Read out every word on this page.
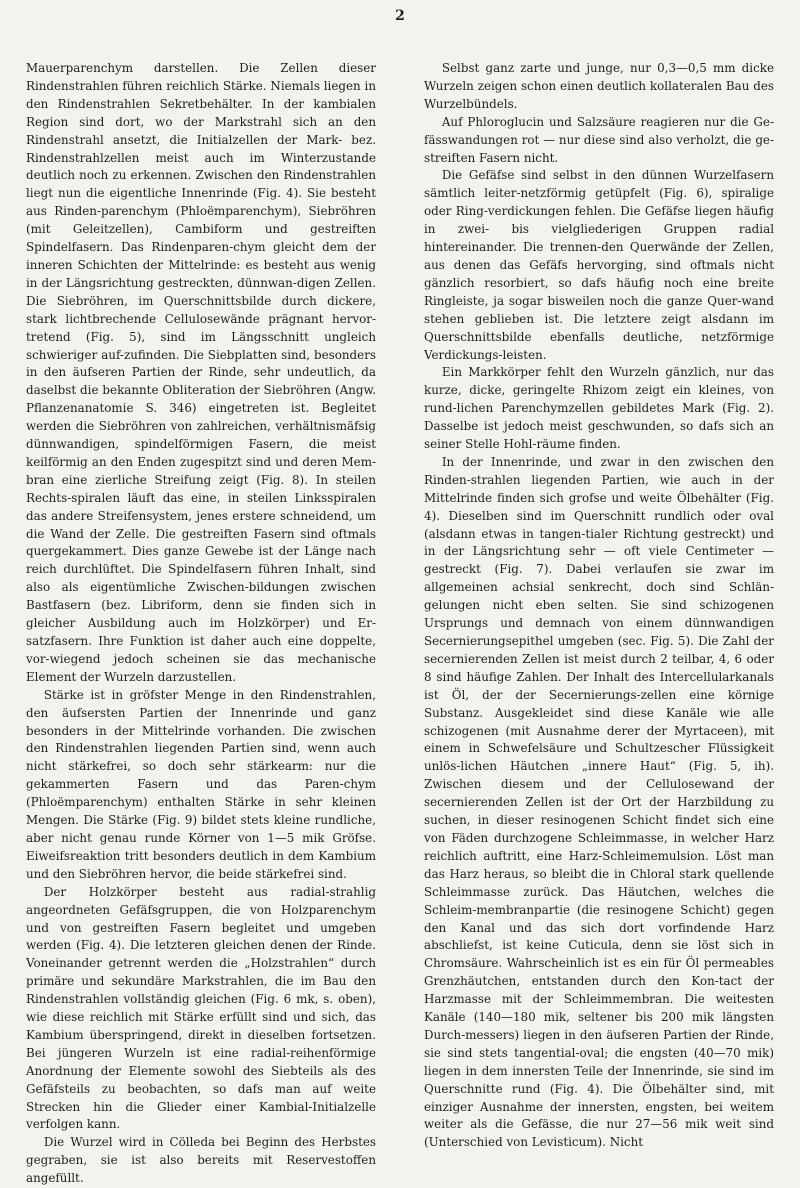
2

Mauerparenchym darstellen. Die Zellen dieser Rindenstrahlen führen reichlich Stärke. Niemals liegen in den Rindenstrahlen Sekretbehälter. In der kambialen Region sind dort, wo der Markstrahl sich an den Rindenstrahl ansetzt, die Initialzellen der Mark- bez. Rindenstrahlzellen meist auch im Winterzustande deutlich noch zu erkennen. Zwischen den Rindenstrahlen liegt nun die eigentliche Innenrinde (Fig. 4). Sie besteht aus Rinden-parenchym (Phloëmparenchym), Siebröhren (mit Geleitzellen), Cambiform und gestreiften Spindelfasern. Das Rindenparen-chym gleicht dem der inneren Schichten der Mittelrinde: es besteht aus wenig in der Längsrichtung gestreckten, dünnwan-digen Zellen. Die Siebröhren, im Querschnittsbilde durch dickere, stark lichtbrechende Cellulosewände prägnant hervor-tretend (Fig. 5), sind im Längsschnitt ungleich schwieriger auf-zufinden. Die Siebplatten sind, besonders in den äufseren Partien der Rinde, sehr undeutlich, da daselbst die bekannte Obliteration der Siebröhren (Angw. Pflanzenanatomie S. 346) eingetreten ist. Begleitet werden die Siebröhren von zahlreichen, verhältnismäfsig dünnwandigen, spindelförmigen Fasern, die meist keilförmig an den Enden zugespitzt sind und deren Mem-bran eine zierliche Streifung zeigt (Fig. 8). In steilen Rechts-spiralen läuft das eine, in steilen Linksspiralen das andere Streifensystem, jenes erstere schneidend, um die Wand der Zelle. Die gestreiften Fasern sind oftmals quergekammert. Dies ganze Gewebe ist der Länge nach reich durchlüftet. Die Spindelfasern führen Inhalt, sind also als eigentümliche Zwischen-bildungen zwischen Bastfasern (bez. Libriform, denn sie finden sich in gleicher Ausbildung auch im Holzkörper) und Er-satzfasern. Ihre Funktion ist daher auch eine doppelte, vor-wiegend jedoch scheinen sie das mechanische Element der Wurzeln darzustellen.

Stärke ist in gröfster Menge in den Rindenstrahlen, den äufsersten Partien der Innenrinde und ganz besonders in der Mittelrinde vorhanden. Die zwischen den Rindenstrahlen liegenden Partien sind, wenn auch nicht stärkefrei, so doch sehr stärkearm: nur die gekammerten Fasern und das Paren-chym (Phloëmparenchym) enthalten Stärke in sehr kleinen Mengen. Die Stärke (Fig. 9) bildet stets kleine rundliche, aber nicht genau runde Körner von 1—5 mik Gröfse. Eiweifsreaktion tritt besonders deutlich in dem Kambium und den Siebröhren hervor, die beide stärkefrei sind.

Der Holzkörper besteht aus radial-strahlig angeordneten Gefäfsgruppen, die von Holzparenchym und von gestreiften Fasern begleitet und umgeben werden (Fig. 4). Die letzteren gleichen denen der Rinde. Voneinander getrennt werden die „Holzstrahlen“ durch primäre und sekundäre Markstrahlen, die im Bau den Rindenstrahlen vollständig gleichen (Fig. 6 mk, s. oben), wie diese reichlich mit Stärke erfüllt sind und sich, das Kambium überspringend, direkt in dieselben fortsetzen. Bei jüngeren Wurzeln ist eine radial-reihenförmige Anordnung der Elemente sowohl des Siebteils als des Gefäfsteils zu beobachten, so dafs man auf weite Strecken hin die Glieder einer Kambial-Initialzelle verfolgen kann.

Die Wurzel wird in Cölleda bei Beginn des Herbstes gegraben, sie ist also bereits mit Reservestoffen angefüllt.

Selbst ganz zarte und junge, nur 0,3—0,5 mm dicke Wurzeln zeigen schon einen deutlich kollateralen Bau des Wurzelbündels.

Auf Phloroglucin und Salzsäure reagieren nur die Ge-fässwandungen rot — nur diese sind also verholzt, die ge-streiften Fasern nicht.

Die Gefäfse sind selbst in den dünnen Wurzelfasern sämtlich leiter-netzförmig getüpfelt (Fig. 6), spiralige oder Ring-verdickungen fehlen. Die Gefäfse liegen häufig in zwei- bis vielgliederigen Gruppen radial hintereinander. Die trennen-den Querwände der Zellen, aus denen das Gefäfs hervorging, sind oftmals nicht gänzlich resorbiert, so dafs häufig noch eine breite Ringleiste, ja sogar bisweilen noch die ganze Quer-wand stehen geblieben ist. Die letztere zeigt alsdann im Querschnittsbilde ebenfalls deutliche, netzförmige Verdickungs-leisten.

Ein Markkörper fehlt den Wurzeln gänzlich, nur das kurze, dicke, geringelte Rhizom zeigt ein kleines, von rund-lichen Parenchymzellen gebildetes Mark (Fig. 2). Dasselbe ist jedoch meist geschwunden, so dafs sich an seiner Stelle Hohl-räume finden.

In der Innenrinde, und zwar in den zwischen den Rinden-strahlen liegenden Partien, wie auch in der Mittelrinde finden sich grofse und weite Ölbehälter (Fig. 4). Dieselben sind im Querschnitt rundlich oder oval (alsdann etwas in tangen-tialer Richtung gestreckt) und in der Längsrichtung sehr — oft viele Centimeter — gestreckt (Fig. 7). Dabei verlaufen sie zwar im allgemeinen achsial senkrecht, doch sind Schlän-gelungen nicht eben selten. Sie sind schizogenen Ursprungs und demnach von einem dünnwandigen Secernierungsepithel umgeben (sec. Fig. 5). Die Zahl der secernierenden Zellen ist meist durch 2 teilbar, 4, 6 oder 8 sind häufige Zahlen. Der Inhalt des Intercellularkanals ist Öl, der der Secernierungs-zellen eine körnige Substanz. Ausgekleidet sind diese Kanäle wie alle schizogenen (mit Ausnahme derer der Myrtaceen), mit einem in Schwefelsäure und Schultzescher Flüssigkeit unlös-lichen Häutchen „innere Haut“ (Fig. 5, ih). Zwischen diesem und der Cellulosewand der secernierenden Zellen ist der Ort der Harzbildung zu suchen, in dieser resinogenen Schicht findet sich eine von Fäden durchzogene Schleimmasse, in welcher Harz reichlich auftritt, eine Harz-Schleimemulsion. Löst man das Harz heraus, so bleibt die in Chloral stark quellende Schleimmasse zurück. Das Häutchen, welches die Schleim-membranpartie (die resinogene Schicht) gegen den Kanal und das sich dort vorfindende Harz abschliefst, ist keine Cuticula, denn sie löst sich in Chromsäure. Wahrscheinlich ist es ein für Öl permeables Grenzhäutchen, entstanden durch den Kon-tact der Harzmasse mit der Schleimmembran. Die weitesten Kanäle (140—180 mik, seltener bis 200 mik längsten Durch-messers) liegen in den äufseren Partien der Rinde, sie sind stets tangential-oval; die engsten (40—70 mik) liegen in dem innersten Teile der Innenrinde, sie sind im Querschnitte rund (Fig. 4). Die Ölbehälter sind, mit einziger Ausnahme der innersten, engsten, bei weitem weiter als die Gefässe, die nur 27—56 mik weit sind (Unterschied von Levisticum). Nicht
